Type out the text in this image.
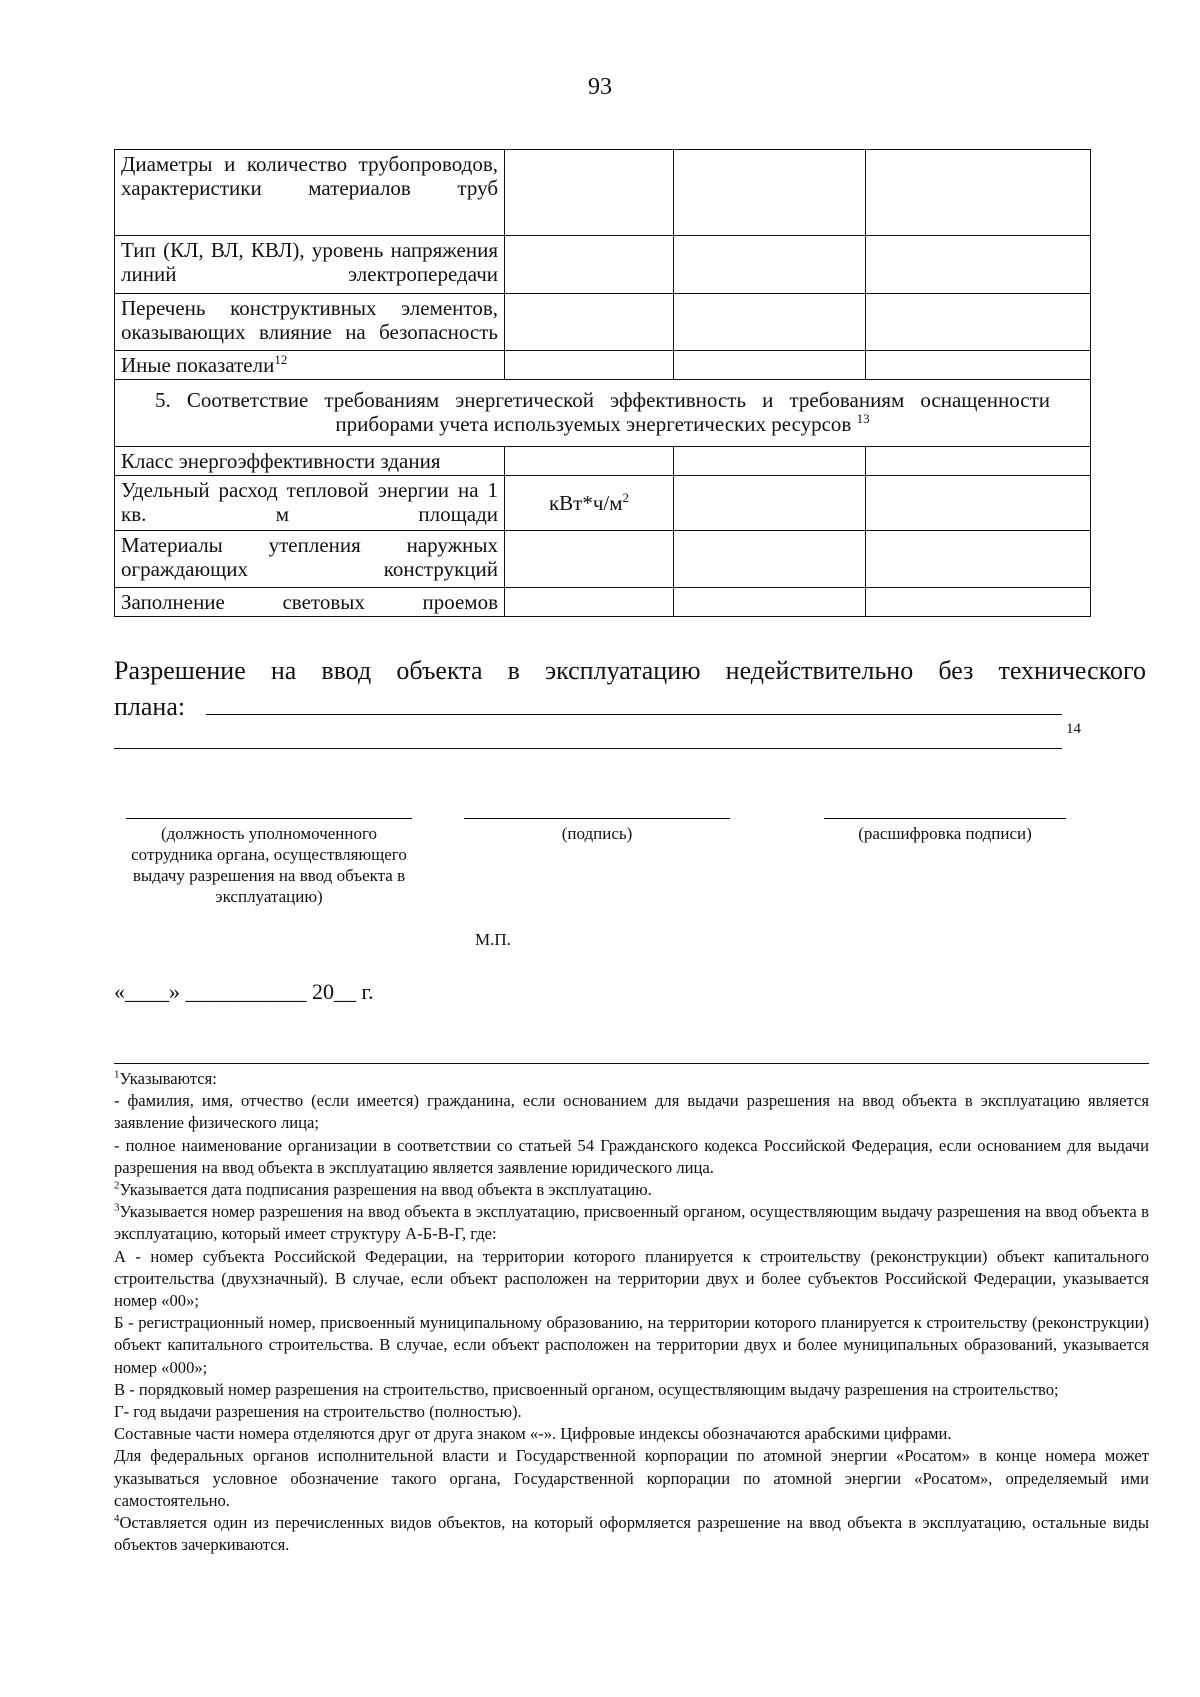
93
Диаметры и количество трубопроводов, характеристики материалов труб			
Тип (КЛ, ВЛ, КВЛ), уровень напряжения линий электропередачи			
Перечень конструктивных элементов, оказывающих влияние на безопасность			
Иные показатели$^{12}$			

5. Соответствие требованиям энергетической эффективность и требованиям оснащенности приборами учета используемых энергетических ресурсов $^{13}$

Класс энергоэффективности здания			
Удельный расход тепловой энергии на 1 кв. м площади	$кВт*ч/м^2$		
Материалы утепления наружных ограждающих конструкций			
Заполнение световых проемов			
Разрешение на ввод объекта в эксплуатацию недействительно без технического
плана:
14
(должность уполномоченного сотрудника органа, осуществляющего выдачу разрешения на ввод объекта в эксплуатацию)
(подпись)	(расшифровка подписи)
М.П.
«____» ___________ 20__ г.

$^1$Указываются:

- фамилия, имя, отчество (если имеется) гражданина, если основанием для выдачи разрешения на ввод объекта в эксплуатацию является заявление физического лица;

- полное наименование организации в соответствии со статьей 54 Гражданского кодекса Российской Федерация, если основанием для выдачи разрешения на ввод объекта в эксплуатацию является заявление юридического лица.

$^2$Указывается дата подписания разрешения на ввод объекта в эксплуатацию.

$^3$Указывается номер разрешения на ввод объекта в эксплуатацию, присвоенный органом, осуществляющим выдачу разрешения на ввод объекта в эксплуатацию, который имеет структуру А-Б-В-Г, где:

А - номер субъекта Российской Федерации, на территории которого планируется к строительству (реконструкции) объект капитального строительства (двухзначный). В случае, если объект расположен на территории двух и более субъектов Российской Федерации, указывается номер «00»;

Б - регистрационный номер, присвоенный муниципальному образованию, на территории которого планируется к строительству (реконструкции) объект капитального строительства. В случае, если объект расположен на территории двух и более муниципальных образований, указывается номер «000»;

В - порядковый номер разрешения на строительство, присвоенный органом, осуществляющим выдачу разрешения на строительство;

Г- год выдачи разрешения на строительство (полностью).

Составные части номера отделяются друг от друга знаком «-». Цифровые индексы обозначаются арабскими цифрами.

Для федеральных органов исполнительной власти и Государственной корпорации по атомной энергии «Росатом» в конце номера может указываться условное обозначение такого органа, Государственной корпорации по атомной энергии «Росатом», определяемый ими самостоятельно.

$^4$Оставляется один из перечисленных видов объектов, на который оформляется разрешение на ввод объекта в эксплуатацию, остальные виды объектов зачеркиваются.
